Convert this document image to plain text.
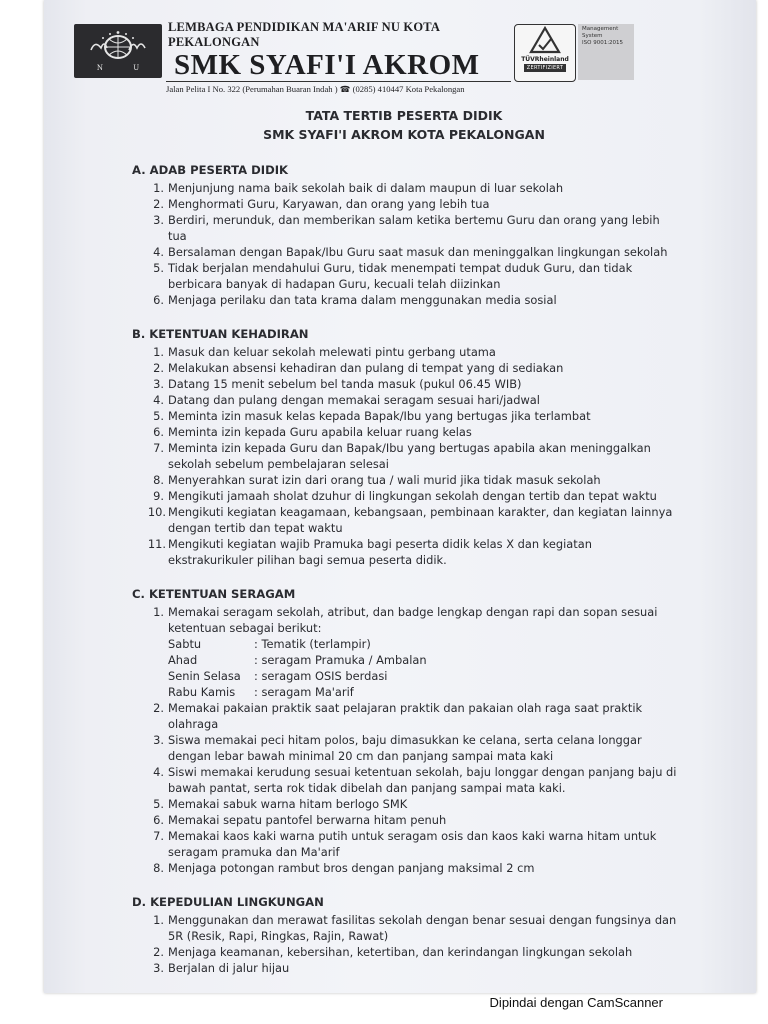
N U
LEMBAGA PENDIDIKAN MA'ARIF NU KOTA PEKALONGAN
SMK SYAFI'I AKROM
Jalan Pelita I No. 322 (Perumahan Buaran Indah ) ☎ (0285) 410447 Kota Pekalongan
TÜVRheinland
ZERTIFIZIERT
Management
System
ISO 9001:2015
TATA TERTIB PESERTA DIDIK
SMK SYAFI'I AKROM KOTA PEKALONGAN
A. ADAB PESERTA DIDIK
1. Menjunjung nama baik sekolah baik di dalam maupun di luar sekolah
2. Menghormati Guru, Karyawan, dan orang yang lebih tua
3. Berdiri, merunduk, dan memberikan salam ketika bertemu Guru dan orang yang lebih tua
4. Bersalaman dengan Bapak/Ibu Guru saat masuk dan meninggalkan lingkungan sekolah
5. Tidak berjalan mendahului Guru, tidak menempati tempat duduk Guru, dan tidak berbicara banyak di hadapan Guru, kecuali telah diizinkan
6. Menjaga perilaku dan tata krama dalam menggunakan media sosial
B. KETENTUAN KEHADIRAN
1. Masuk dan keluar sekolah melewati pintu gerbang utama
2. Melakukan absensi kehadiran dan pulang di tempat yang di sediakan
3. Datang 15 menit sebelum bel tanda masuk (pukul 06.45 WIB)
4. Datang dan pulang dengan memakai seragam sesuai hari/jadwal
5. Meminta izin masuk kelas kepada Bapak/Ibu yang bertugas jika terlambat
6. Meminta izin kepada Guru apabila keluar ruang kelas
7. Meminta izin kepada Guru dan Bapak/Ibu yang bertugas apabila akan meninggalkan sekolah sebelum pembelajaran selesai
8. Menyerahkan surat izin dari orang tua / wali murid jika tidak masuk sekolah
9. Mengikuti jamaah sholat dzuhur di lingkungan sekolah dengan tertib dan tepat waktu
10. Mengikuti kegiatan keagamaan, kebangsaan, pembinaan karakter, dan kegiatan lainnya dengan tertib dan tepat waktu
11. Mengikuti kegiatan wajib Pramuka bagi peserta didik kelas X dan kegiatan ekstrakurikuler pilihan bagi semua peserta didik.
C. KETENTUAN SERAGAM
1. Memakai seragam sekolah, atribut, dan badge lengkap dengan rapi dan sopan sesuai ketentuan sebagai berikut:
Sabtu	: Tematik (terlampir)
Ahad	: seragam Pramuka / Ambalan
Senin Selasa	: seragam OSIS berdasi
Rabu Kamis	: seragam Ma'arif
2. Memakai pakaian praktik saat pelajaran praktik dan pakaian olah raga saat praktik olahraga
3. Siswa memakai peci hitam polos, baju dimasukkan ke celana, serta celana longgar dengan lebar bawah minimal 20 cm dan panjang sampai mata kaki
4. Siswi memakai kerudung sesuai ketentuan sekolah, baju longgar dengan panjang baju di bawah pantat, serta rok tidak dibelah dan panjang sampai mata kaki.
5. Memakai sabuk warna hitam berlogo SMK
6. Memakai sepatu pantofel berwarna hitam penuh
7. Memakai kaos kaki warna putih untuk seragam osis dan kaos kaki warna hitam untuk seragam pramuka dan Ma'arif
8. Menjaga potongan rambut bros dengan panjang maksimal 2 cm
D. KEPEDULIAN LINGKUNGAN
1. Menggunakan dan merawat fasilitas sekolah dengan benar sesuai dengan fungsinya dan 5R (Resik, Rapi, Ringkas, Rajin, Rawat)
2. Menjaga keamanan, kebersihan, ketertiban, dan kerindangan lingkungan sekolah
3. Berjalan di jalur hijau
Dipindai dengan CamScanner
